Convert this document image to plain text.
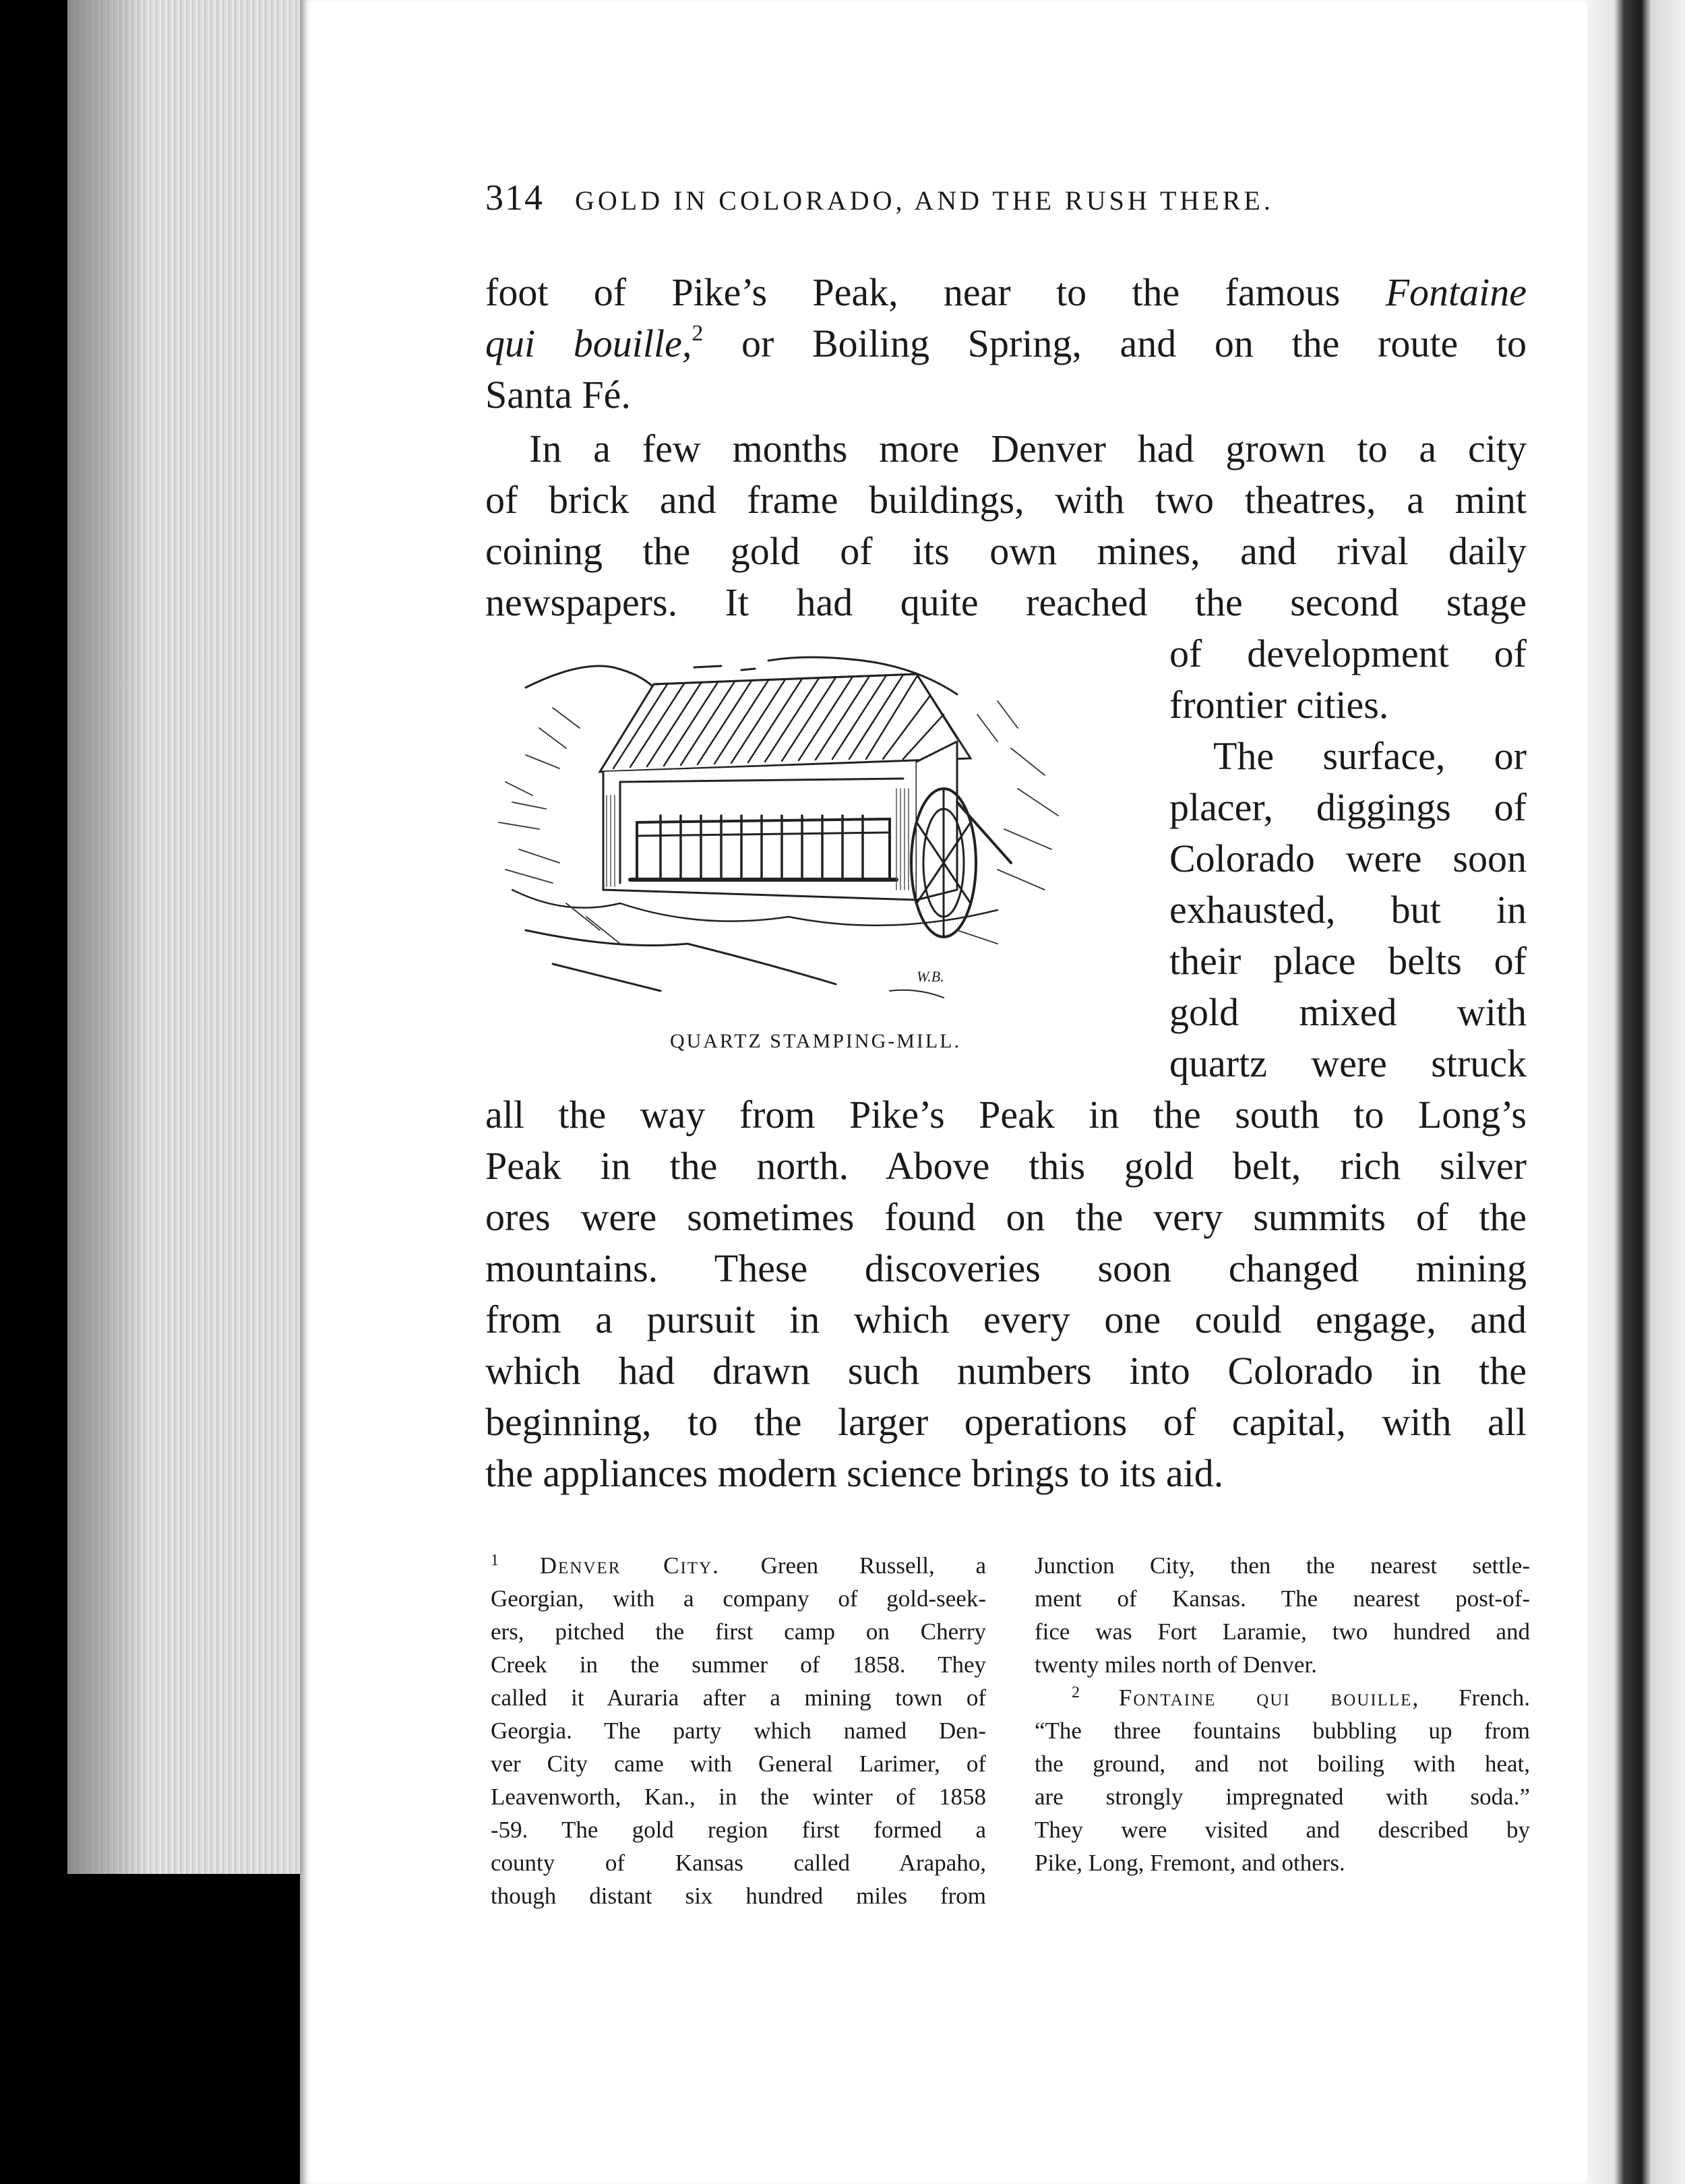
314 GOLD IN COLORADO, AND THE RUSH THERE.
foot of Pike’s Peak, near to the famous Fontaine
qui bouille,$^2$ or Boiling Spring, and on the route to
Santa Fé.
In a few months more Denver had grown to a city
of brick and frame buildings, with two theatres, a mint
coining the gold of its own mines, and rival daily
newspapers. It had quite reached the second stage
of development of
frontier cities.
The surface, or
placer, diggings of
Colorado were soon
exhausted, but in
their place belts of
gold mixed with
quartz were struck
all the way from Pike’s Peak in the south to Long’s
Peak in the north. Above this gold belt, rich silver
ores were sometimes found on the very summits of the
mountains. These discoveries soon changed mining
from a pursuit in which every one could engage, and
which had drawn such numbers into Colorado in the
beginning, to the larger operations of capital, with all
the appliances modern science brings to its aid.
W.B.
QUARTZ STAMPING-MILL.
$^1$ Denver City. Green Russell, a
Georgian, with a company of gold-seek-
ers, pitched the first camp on Cherry
Creek in the summer of 1858. They
called it Auraria after a mining town of
Georgia. The party which named Den-
ver City came with General Larimer, of
Leavenworth, Kan., in the winter of 1858
-59. The gold region first formed a
county of Kansas called Arapaho,
though distant six hundred miles from
Junction City, then the nearest settle-
ment of Kansas. The nearest post-of-
fice was Fort Laramie, two hundred and
twenty miles north of Denver.
$^2$ Fontaine qui bouille, French.
“The three fountains bubbling up from
the ground, and not boiling with heat,
are strongly impregnated with soda.”
They were visited and described by
Pike, Long, Fremont, and others.
